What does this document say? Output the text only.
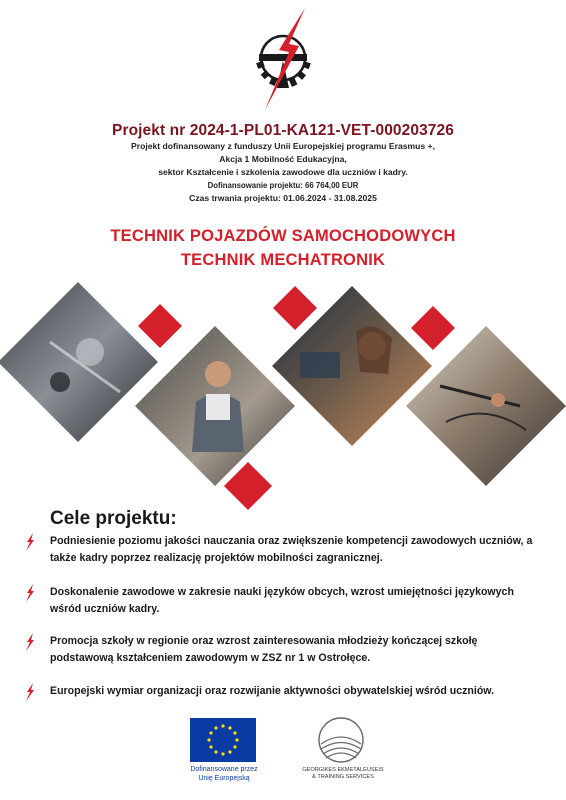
Projekt nr 2024-1-PL01-KA121-VET-000203726
Projekt dofinansowany z funduszy Unii Europejskiej programu Erasmus +,
Akcja 1 Mobilność Edukacyjna,
sektor Kształcenie i szkolenia zawodowe dla uczniów i kadry.
Dofinansowanie projektu: 66 764,00 EUR
Czas trwania projektu: 01.06.2024 - 31.08.2025
TECHNIK POJAZDÓW SAMOCHODOWYCH
TECHNIK MECHATRONIK
Cele projektu:
Podniesienie poziomu jakości nauczania oraz zwiększenie kompetencji zawodowych uczniów, a także kadry poprzez realizację projektów mobilności zagranicznej.
Doskonalenie zawodowe w zakresie nauki języków obcych, wzrost umiejętności językowych wśród uczniów kadry.
Promocja szkoły w regionie oraz wzrost zainteresowania młodzieży kończącej szkołę podstawową kształceniem zawodowym w ZSZ nr 1 w Ostrołęce.
Europejski wymiar organizacji oraz rozwijanie aktywności obywatelskiej wśród uczniów.
Dofinansowane przez
Unię Europejską
GEORGIKES EKMETALEUSEIS
& TRAINING SERVICES
